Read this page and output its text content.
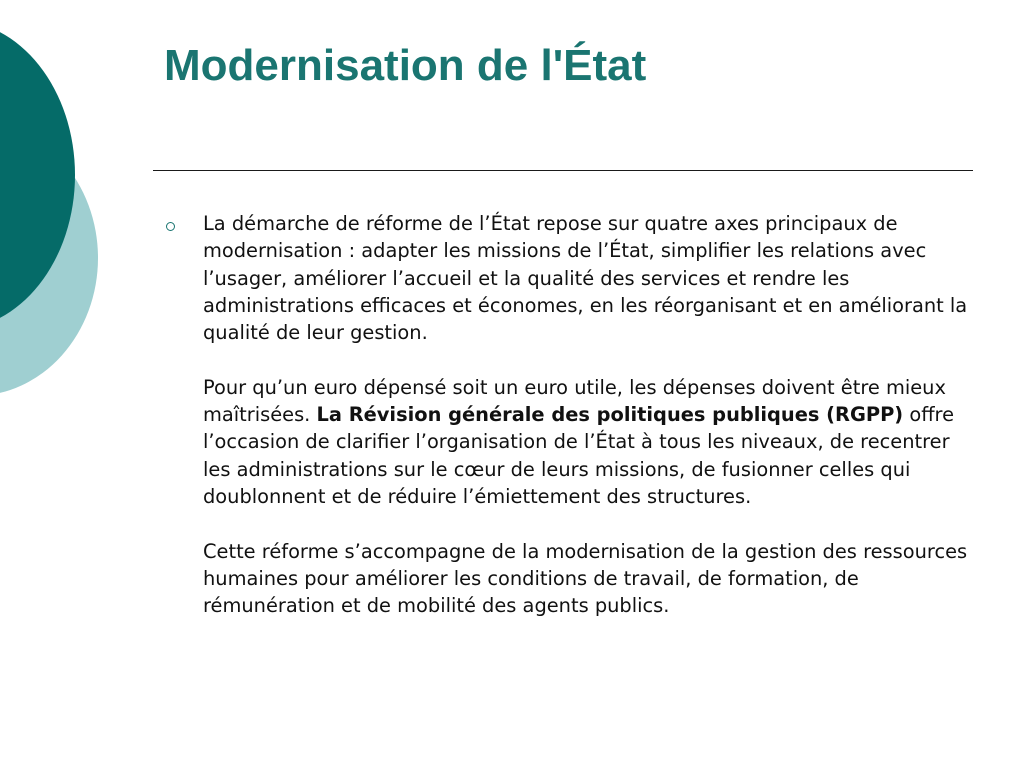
Modernisation de l'État

La démarche de réforme de l’État repose sur quatre axes principaux de modernisation : adapter les missions de l’État, simplifier les relations avec l’usager, améliorer l’accueil et la qualité des services et rendre les administrations efficaces et économes, en les réorganisant et en améliorant la qualité de leur gestion.

Pour qu’un euro dépensé soit un euro utile, les dépenses doivent être mieux maîtrisées. La Révision générale des politiques publiques (RGPP) offre l’occasion de clarifier l’organisation de l’État à tous les niveaux, de recentrer les administrations sur le cœur de leurs missions, de fusionner celles qui doublonnent et de réduire l’émiettement des structures.

Cette réforme s’accompagne de la modernisation de la gestion des ressources humaines pour améliorer les conditions de travail, de formation, de rémunération et de mobilité des agents publics.
